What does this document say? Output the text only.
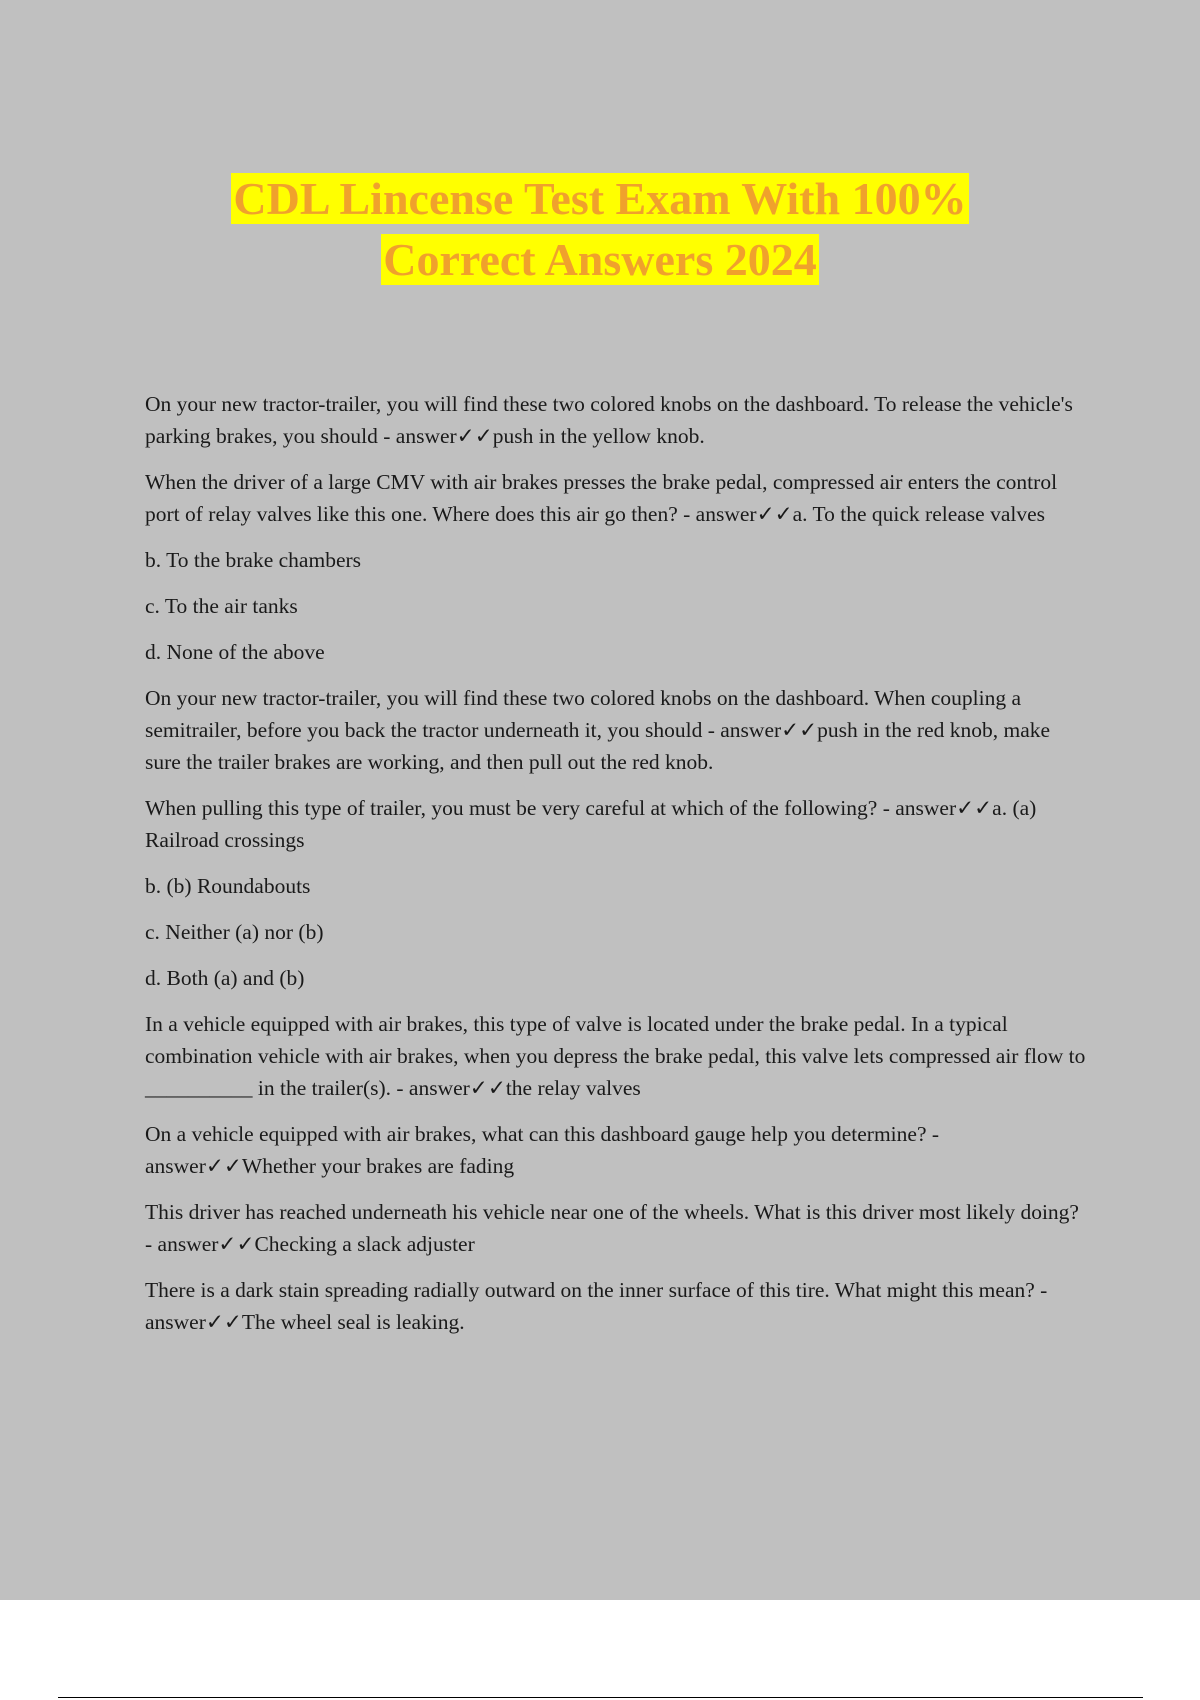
CDL Lincense Test Exam With 100%
Correct Answers 2024

On your new tractor-trailer, you will find these two colored knobs on the dashboard. To release the vehicle's parking brakes, you should - answer✓✓push in the yellow knob.

When the driver of a large CMV with air brakes presses the brake pedal, compressed air enters the control port of relay valves like this one. Where does this air go then? - answer✓✓a. To the quick release valves

b. To the brake chambers

c. To the air tanks

d. None of the above

On your new tractor-trailer, you will find these two colored knobs on the dashboard. When coupling a semitrailer, before you back the tractor underneath it, you should - answer✓✓push in the red knob, make sure the trailer brakes are working, and then pull out the red knob.

When pulling this type of trailer, you must be very careful at which of the following? - answer✓✓a. (a) Railroad crossings

b. (b) Roundabouts

c. Neither (a) nor (b)

d. Both (a) and (b)

In a vehicle equipped with air brakes, this type of valve is located under the brake pedal. In a typical combination vehicle with air brakes, when you depress the brake pedal, this valve lets compressed air flow to __________ in the trailer(s). - answer✓✓the relay valves

On a vehicle equipped with air brakes, what can this dashboard gauge help you determine? - answer✓✓Whether your brakes are fading

This driver has reached underneath his vehicle near one of the wheels. What is this driver most likely doing? - answer✓✓Checking a slack adjuster

There is a dark stain spreading radially outward on the inner surface of this tire. What might this mean? - answer✓✓The wheel seal is leaking.
